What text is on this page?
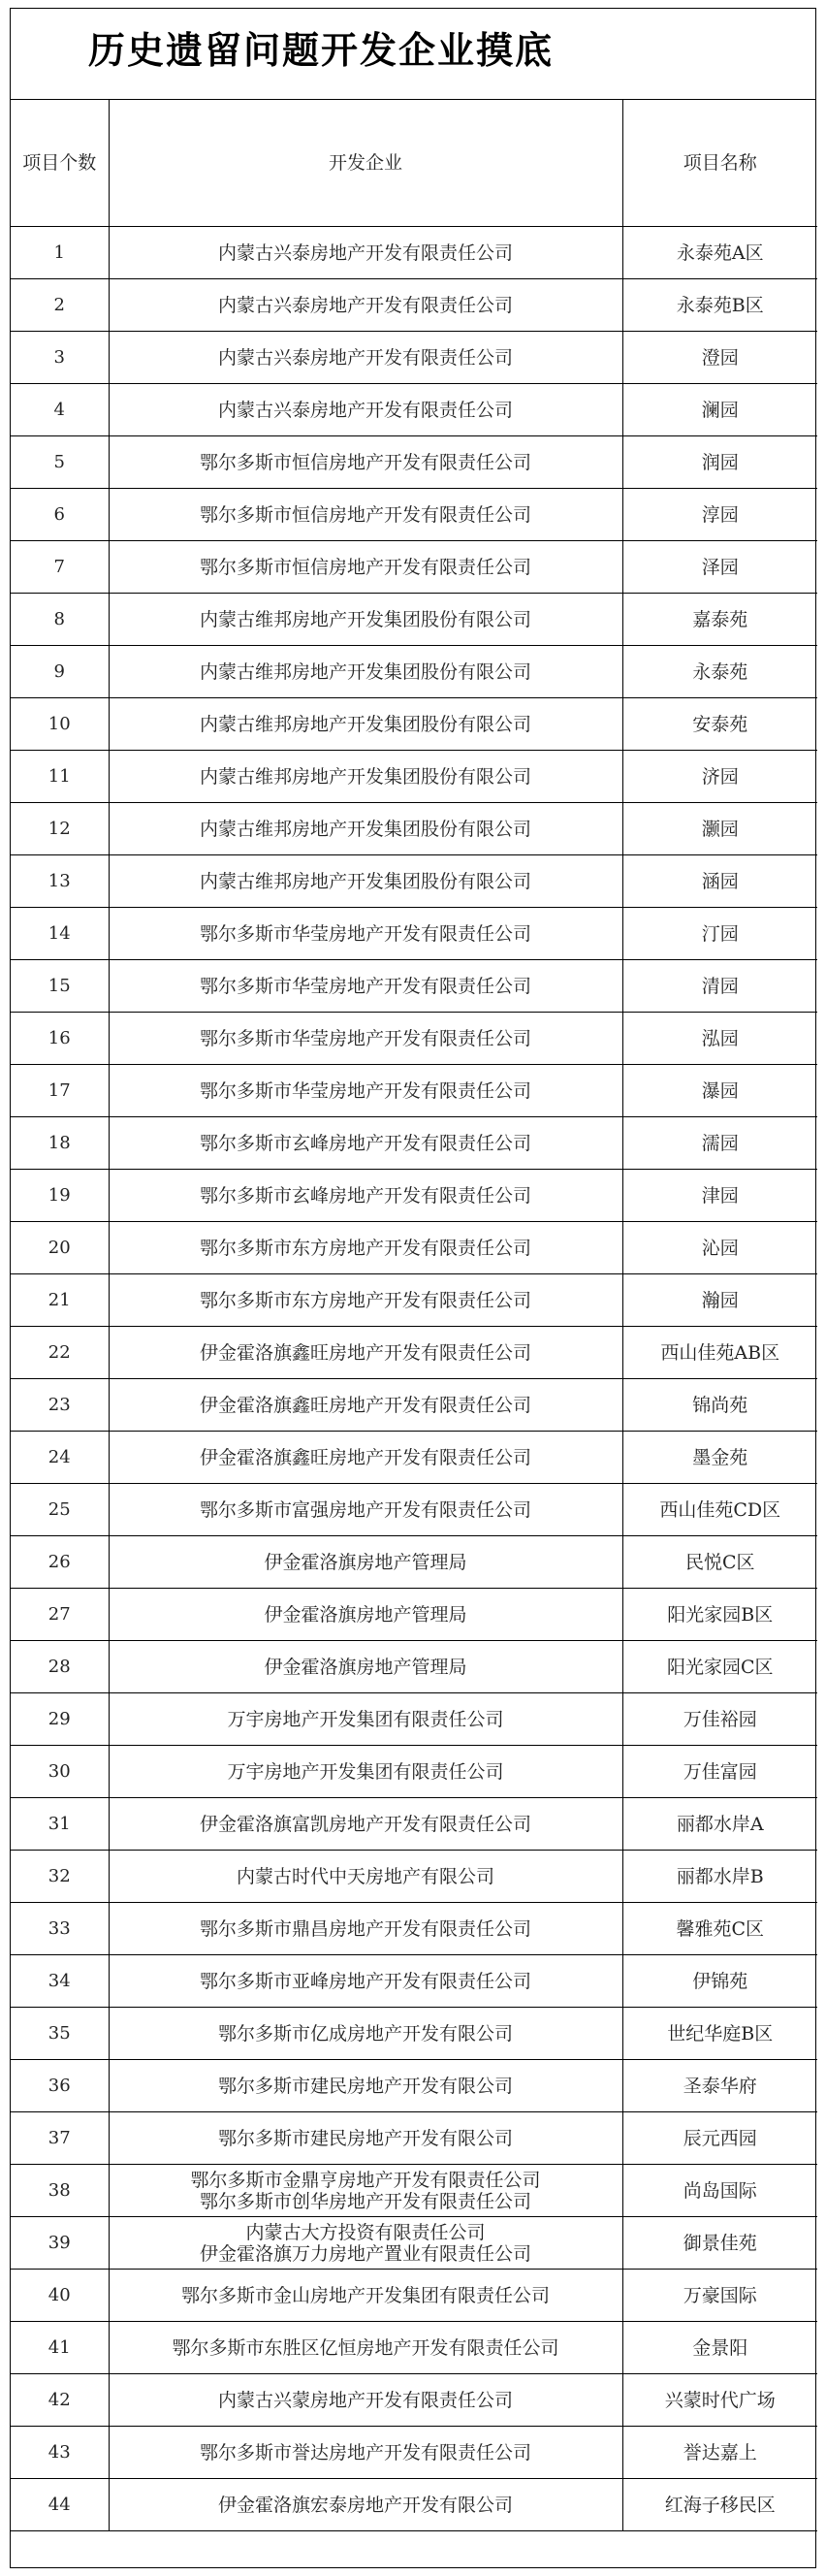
历史遗留问题开发企业摸底
项目个数	开发企业	项目名称
1	内蒙古兴泰房地产开发有限责任公司	永泰苑A区
2	内蒙古兴泰房地产开发有限责任公司	永泰苑B区
3	内蒙古兴泰房地产开发有限责任公司	澄园
4	内蒙古兴泰房地产开发有限责任公司	澜园
5	鄂尔多斯市恒信房地产开发有限责任公司	润园
6	鄂尔多斯市恒信房地产开发有限责任公司	淳园
7	鄂尔多斯市恒信房地产开发有限责任公司	泽园
8	内蒙古维邦房地产开发集团股份有限公司	嘉泰苑
9	内蒙古维邦房地产开发集团股份有限公司	永泰苑
10	内蒙古维邦房地产开发集团股份有限公司	安泰苑
11	内蒙古维邦房地产开发集团股份有限公司	济园
12	内蒙古维邦房地产开发集团股份有限公司	灏园
13	内蒙古维邦房地产开发集团股份有限公司	涵园
14	鄂尔多斯市华莹房地产开发有限责任公司	汀园
15	鄂尔多斯市华莹房地产开发有限责任公司	清园
16	鄂尔多斯市华莹房地产开发有限责任公司	泓园
17	鄂尔多斯市华莹房地产开发有限责任公司	瀑园
18	鄂尔多斯市玄峰房地产开发有限责任公司	濡园
19	鄂尔多斯市玄峰房地产开发有限责任公司	津园
20	鄂尔多斯市东方房地产开发有限责任公司	沁园
21	鄂尔多斯市东方房地产开发有限责任公司	瀚园
22	伊金霍洛旗鑫旺房地产开发有限责任公司	西山佳苑AB区
23	伊金霍洛旗鑫旺房地产开发有限责任公司	锦尚苑
24	伊金霍洛旗鑫旺房地产开发有限责任公司	墨金苑
25	鄂尔多斯市富强房地产开发有限责任公司	西山佳苑CD区
26	伊金霍洛旗房地产管理局	民悦C区
27	伊金霍洛旗房地产管理局	阳光家园B区
28	伊金霍洛旗房地产管理局	阳光家园C区
29	万宇房地产开发集团有限责任公司	万佳裕园
30	万宇房地产开发集团有限责任公司	万佳富园
31	伊金霍洛旗富凯房地产开发有限责任公司	丽都水岸A
32	内蒙古时代中天房地产有限公司	丽都水岸B
33	鄂尔多斯市鼎昌房地产开发有限责任公司	馨雅苑C区
34	鄂尔多斯市亚峰房地产开发有限责任公司	伊锦苑
35	鄂尔多斯市亿成房地产开发有限公司	世纪华庭B区
36	鄂尔多斯市建民房地产开发有限公司	圣泰华府
37	鄂尔多斯市建民房地产开发有限公司	辰元西园
38	鄂尔多斯市金鼎亨房地产开发有限责任公司
鄂尔多斯市创华房地产开发有限责任公司	尚岛国际
39	内蒙古大方投资有限责任公司
伊金霍洛旗万力房地产置业有限责任公司	御景佳苑
40	鄂尔多斯市金山房地产开发集团有限责任公司	万豪国际
41	鄂尔多斯市东胜区亿恒房地产开发有限责任公司	金景阳
42	内蒙古兴蒙房地产开发有限责任公司	兴蒙时代广场
43	鄂尔多斯市誉达房地产开发有限责任公司	誉达嘉上
44	伊金霍洛旗宏泰房地产开发有限公司	红海子移民区
